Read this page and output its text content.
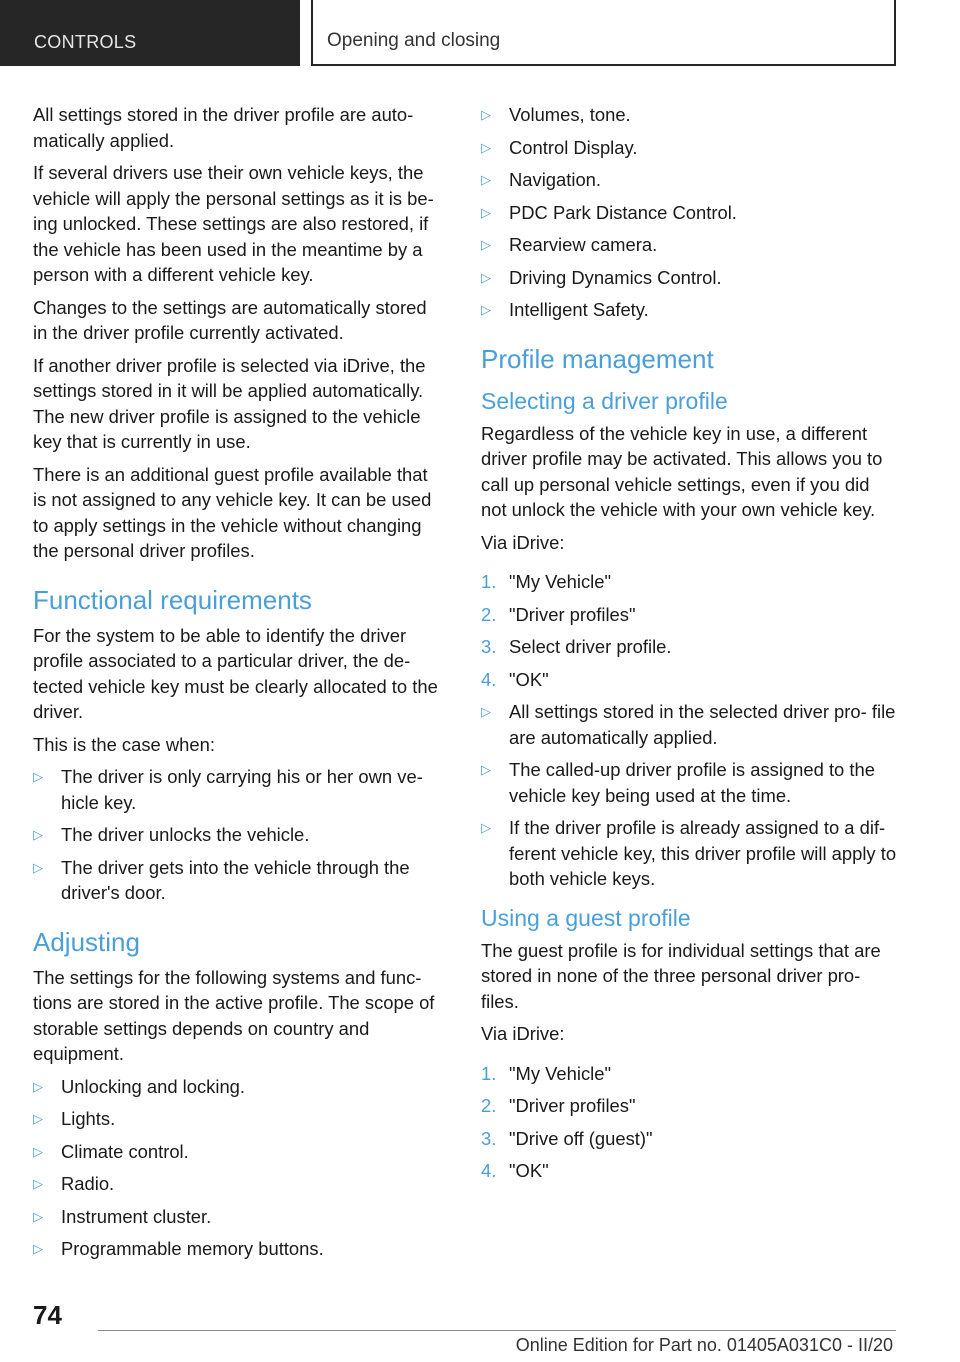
CONTROLS	Opening and closing

All settings stored in the driver profile are auto‐ matically applied.

If several drivers use their own vehicle keys, the vehicle will apply the personal settings as it is be‐ ing unlocked. These settings are also restored, if the vehicle has been used in the meantime by a person with a different vehicle key.

Changes to the settings are automatically stored in the driver profile currently activated.

If another driver profile is selected via iDrive, the settings stored in it will be applied automatically. The new driver profile is assigned to the vehicle key that is currently in use.

There is an additional guest profile available that is not assigned to any vehicle key. It can be used to apply settings in the vehicle without changing the personal driver profiles.

Functional requirements

For the system to be able to identify the driver profile associated to a particular driver, the de‐ tected vehicle key must be clearly allocated to the driver.

This is the case when:

▷ The driver is only carrying his or her own ve‐ hicle key.
▷ The driver unlocks the vehicle.
▷ The driver gets into the vehicle through the driver's door.
Adjusting

The settings for the following systems and func‐ tions are stored in the active profile. The scope of storable settings depends on country and equipment.

▷ Unlocking and locking.
▷ Lights.
▷ Climate control.
▷ Radio.
▷ Instrument cluster.
▷ Programmable memory buttons.
▷ Volumes, tone.
▷ Control Display.
▷ Navigation.
▷ PDC Park Distance Control.
▷ Rearview camera.
▷ Driving Dynamics Control.
▷ Intelligent Safety.
Profile management
Selecting a driver profile

Regardless of the vehicle key in use, a different driver profile may be activated. This allows you to call up personal vehicle settings, even if you did not unlock the vehicle with your own vehicle key.

Via iDrive:

1. "My Vehicle"
2. "Driver profiles"
3. Select driver profile.
4. "OK"
▷ All settings stored in the selected driver pro‐ file are automatically applied.
▷ The called-up driver profile is assigned to the vehicle key being used at the time.
▷ If the driver profile is already assigned to a dif‐ ferent vehicle key, this driver profile will apply to both vehicle keys.
Using a guest profile

The guest profile is for individual settings that are stored in none of the three personal driver pro‐ files.

Via iDrive:

1. "My Vehicle"
2. "Driver profiles"
3. "Drive off (guest)"
4. "OK"
74
Online Edition for Part no. 01405A031C0 - II/20
